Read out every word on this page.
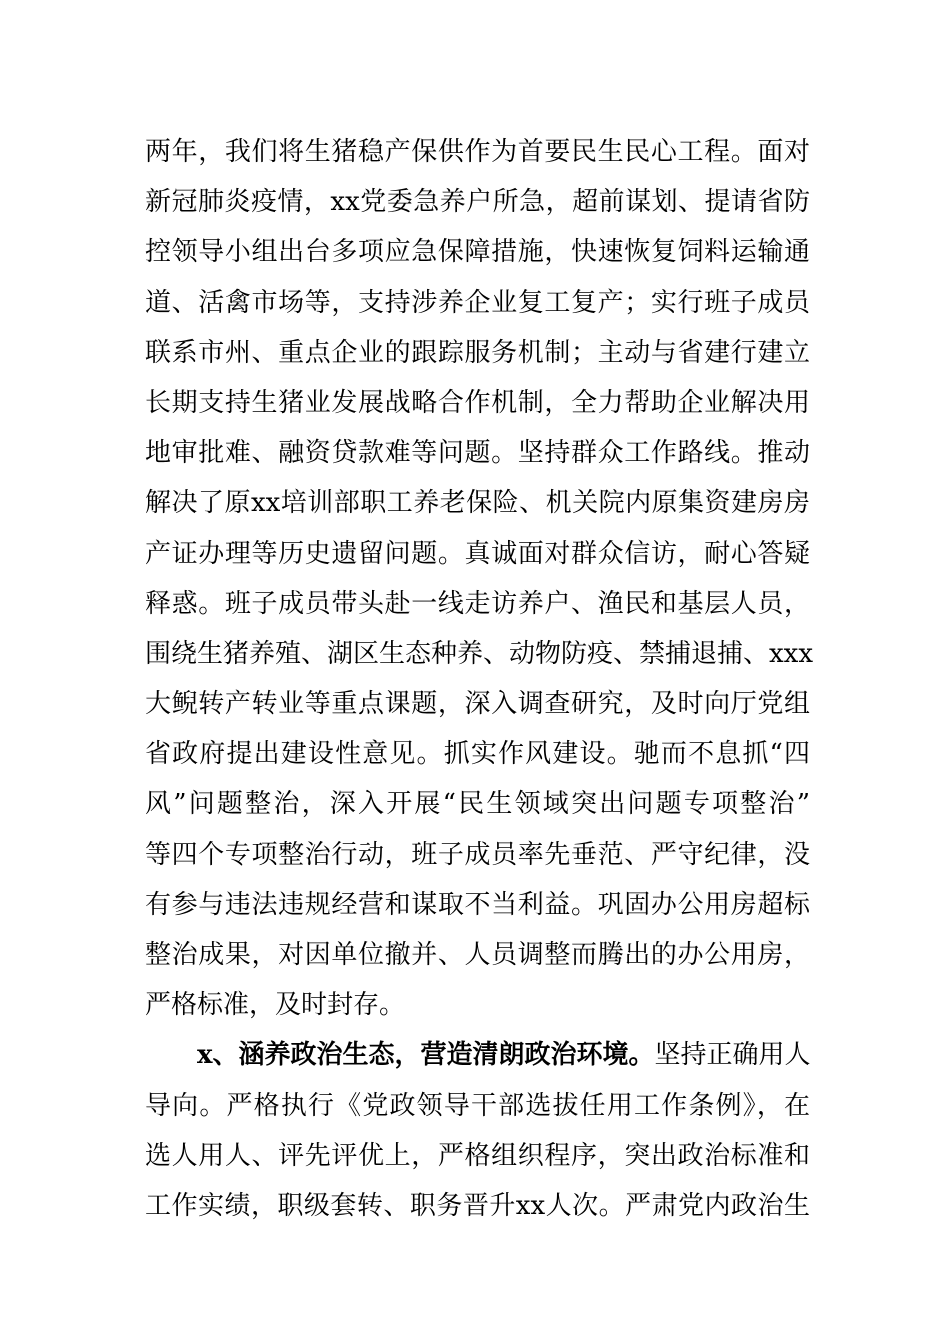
两年，我们将生猪稳产保供作为首要民生民心工程。面对
新冠肺炎疫情，xx党委急养户所急，超前谋划、提请省防
控领导小组出台多项应急保障措施，快速恢复饲料运输通
道、活禽市场等，支持涉养企业复工复产；实行班子成员
联系市州、重点企业的跟踪服务机制；主动与省建行建立
长期支持生猪业发展战略合作机制，全力帮助企业解决用
地审批难、融资贷款难等问题。坚持群众工作路线。推动
解决了原xx培训部职工养老保险、机关院内原集资建房房
产证办理等历史遗留问题。真诚面对群众信访，耐心答疑
释惑。班子成员带头赴一线走访养户、渔民和基层人员，
围绕生猪养殖、湖区生态种养、动物防疫、禁捕退捕、xxx
大鲵转产转业等重点课题，深入调查研究，及时向厅党组
省政府提出建设性意见。抓实作风建设。驰而不息抓“四
风”问题整治，深入开展“民生领域突出问题专项整治”
等四个专项整治行动，班子成员率先垂范、严守纪律，没
有参与违法违规经营和谋取不当利益。巩固办公用房超标
整治成果，对因单位撤并、人员调整而腾出的办公用房，
严格标准，及时封存。
x、涵养政治生态，营造清朗政治环境。坚持正确用人
导向。严格执行《党政领导干部选拔任用工作条例》，在
选人用人、评先评优上，严格组织程序，突出政治标准和
工作实绩，职级套转、职务晋升xx人次。严肃党内政治生
